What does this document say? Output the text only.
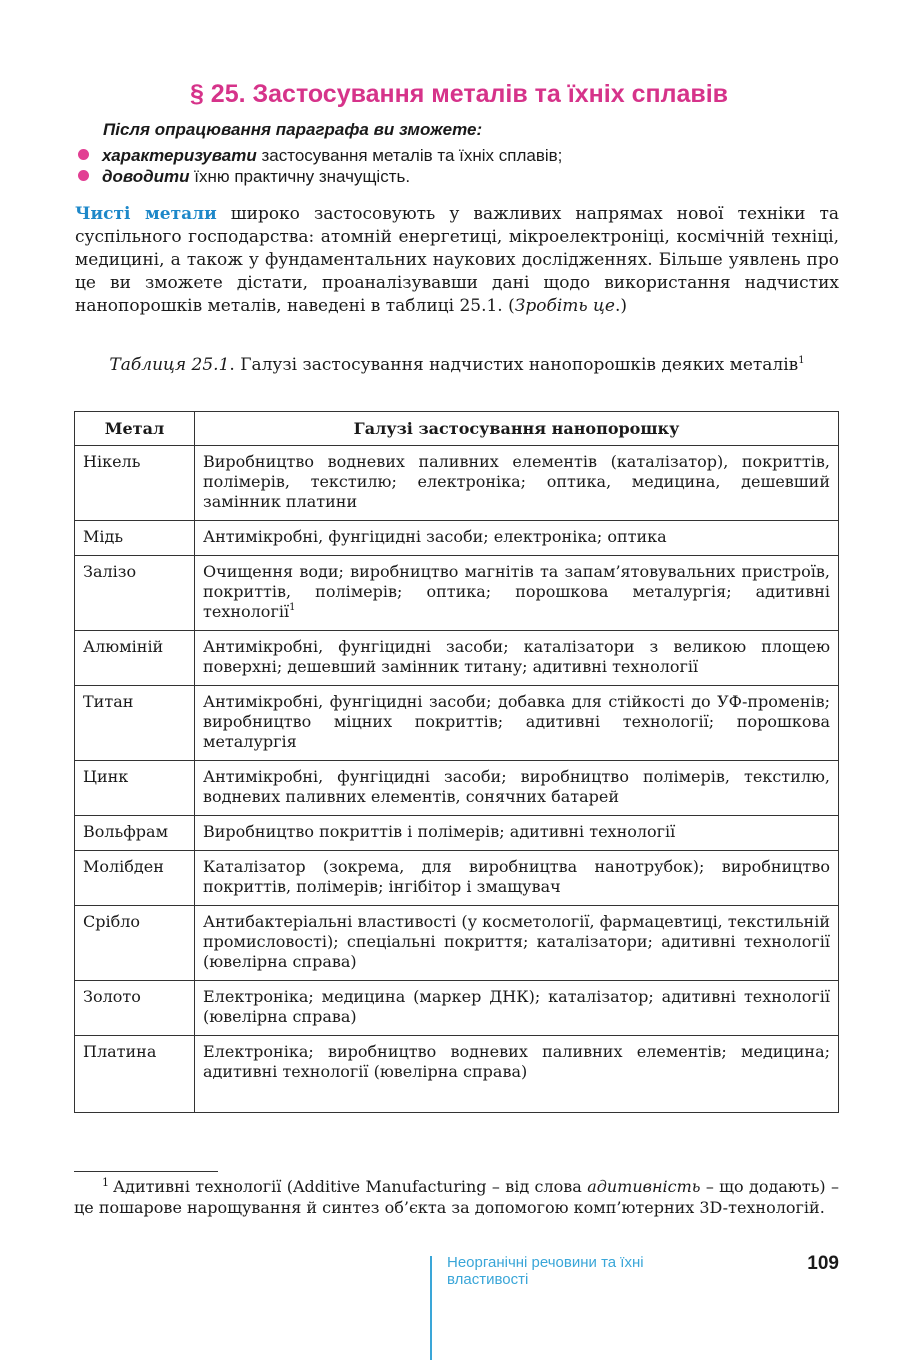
§ 25. Застосування металів та їхніх сплавів
Після опрацювання параграфа ви зможете:
характеризувати застосування металів та їхніх сплавів;
доводити їхню практичну значущість.
Чисті метали широко застосовують у важливих напрямах нової техніки та суспільного господарства: атомній енергетиці, мікроелектроніці, космічній техніці, медицині, а також у фундаментальних наукових дослідженнях. Більше уявлень про це ви зможете дістати, проаналізувавши дані щодо використання надчистих нанопорошків металів, наведені в таблиці 25.1. (Зробіть це.)
Таблиця 25.1. Галузі застосування надчистих нанопорошків деяких металів$^1$
Метал	Галузі застосування нанопорошку
Нікель	Виробництво водневих паливних елементів (каталізатор), покриттів, полімерів, текстилю; електроніка; оптика, медицина, дешевший замінник платини
Мідь	Антимікробні, фунгіцидні засоби; електроніка; оптика
Залізо	Очищення води; виробництво магнітів та запам’ятовувальних пристроїв, покриттів, полімерів; оптика; порошкова металургія; адитивні технології$^1$
Алюміній	Антимікробні, фунгіцидні засоби; каталізатори з великою площею поверхні; дешевший замінник титану; адитивні технології
Титан	Антимікробні, фунгіцидні засоби; добавка для стійкості до УФ-променів; виробництво міцних покриттів; адитивні технології; порошкова металургія
Цинк	Антимікробні, фунгіцидні засоби; виробництво полімерів, текстилю, водневих паливних елементів, сонячних батарей
Вольфрам	Виробництво покриттів і полімерів; адитивні технології
Молібден	Каталізатор (зокрема, для виробництва нанотрубок); виробництво покриттів, полімерів; інгібітор і змащувач
Срібло	Антибактеріальні властивості (у косметології, фармацевтиці, текстильній промисловості); спеціальні покриття; каталізатори; адитивні технології (ювелірна справа)
Золото	Електроніка; медицина (маркер ДНК); каталізатор; адитивні технології (ювелірна справа)
Платина	Електроніка; виробництво водневих паливних елементів; медицина; адитивні технології (ювелірна справа)
$^1$ Адитивні технології (Additive Manufacturing – від слова адитивність – що додають) – це пошарове нарощування й синтез об’єкта за допомогою комп’ютерних 3D-технологій.
Неорганічні речовини та їхні властивості
109
